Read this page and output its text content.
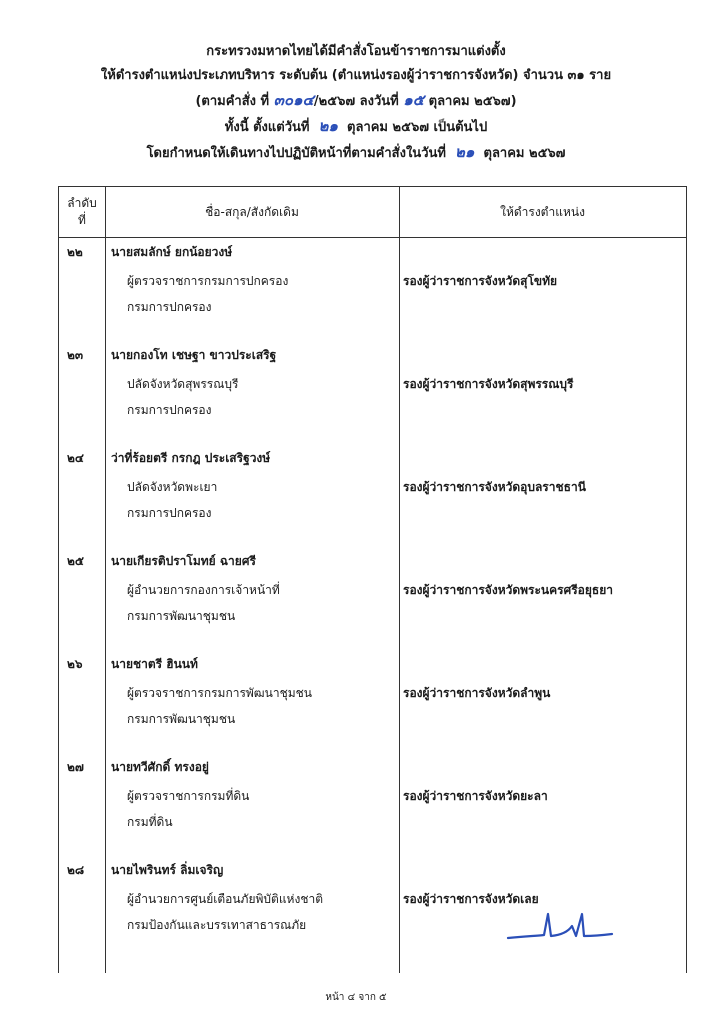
กระทรวงมหาดไทยได้มีคำสั่งโอนข้าราชการมาแต่งตั้ง
ให้ดำรงตำแหน่งประเภทบริหาร ระดับต้น (ตำแหน่งรองผู้ว่าราชการจังหวัด) จำนวน ๓๑ ราย
(ตามคำสั่ง ที่ ๓๐๑๔/๒๕๖๗ ลงวันที่ ๑๕ ตุลาคม ๒๕๖๗)
ทั้งนี้ ตั้งแต่วันที่ ๒๑ ตุลาคม ๒๕๖๗ เป็นต้นไป
โดยกำหนดให้เดินทางไปปฏิบัติหน้าที่ตามคำสั่งในวันที่ ๒๑ ตุลาคม ๒๕๖๗
ลำดับ
ที่
ชื่อ-สกุล/สังกัดเดิม	ให้ดำรงตำแหน่ง
๒๒ นายสมลักษ์ ยกน้อยวงษ์
ผู้ตรวจราชการกรมการปกครอง
กรมการปกครอง
รองผู้ว่าราชการจังหวัดสุโขทัย
๒๓ นายกองโท เชษฐา ขาวประเสริฐ
ปลัดจังหวัดสุพรรณบุรี
กรมการปกครอง
รองผู้ว่าราชการจังหวัดสุพรรณบุรี
๒๔ ว่าที่ร้อยตรี กรกฎ ประเสริฐวงษ์
ปลัดจังหวัดพะเยา
กรมการปกครอง
รองผู้ว่าราชการจังหวัดอุบลราชธานี
๒๕ นายเกียรติปราโมทย์ ฉายศรี
ผู้อำนวยการกองการเจ้าหน้าที่
กรมการพัฒนาชุมชน
รองผู้ว่าราชการจังหวัดพระนครศรีอยุธยา
๒๖ นายชาตรี ฮินนท์
ผู้ตรวจราชการกรมการพัฒนาชุมชน
กรมการพัฒนาชุมชน
รองผู้ว่าราชการจังหวัดลำพูน
๒๗ นายทวีศักดิ์ ทรงอยู่
ผู้ตรวจราชการกรมที่ดิน
กรมที่ดิน
รองผู้ว่าราชการจังหวัดยะลา
๒๘ นายไพรินทร์ ลิ่มเจริญ
ผู้อำนวยการศูนย์เตือนภัยพิบัติแห่งชาติ
กรมป้องกันและบรรเทาสาธารณภัย
รองผู้ว่าราชการจังหวัดเลย
หน้า ๔ จาก ๕
